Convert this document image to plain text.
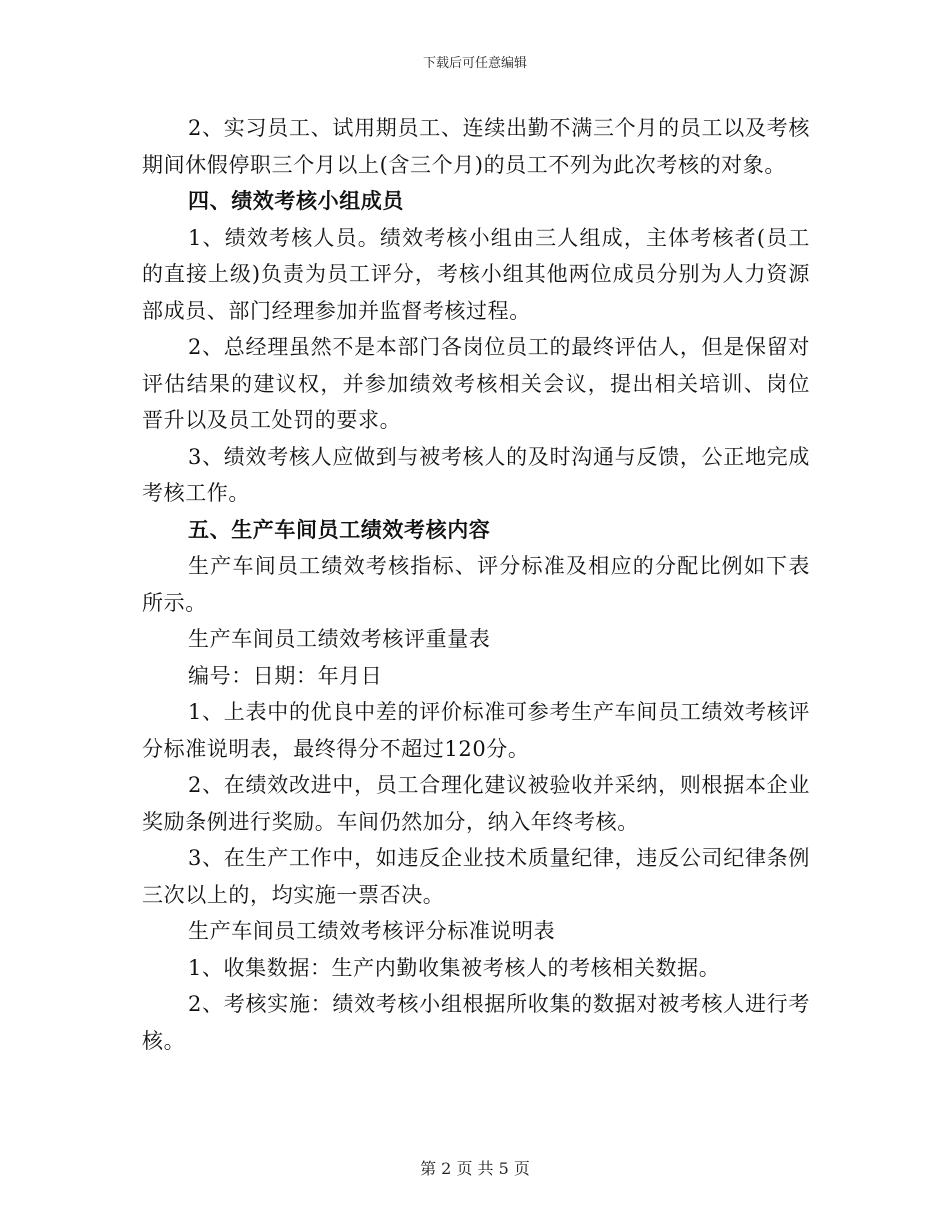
下载后可任意编辑

2、实习员工、试用期员工、连续出勤不满三个月的员工以及考核期间休假停职三个月以上(含三个月)的员工不列为此次考核的对象。

四、绩效考核小组成员

1、绩效考核人员。绩效考核小组由三人组成，主体考核者(员工的直接上级)负责为员工评分，考核小组其他两位成员分别为人力资源部成员、部门经理参加并监督考核过程。

2、总经理虽然不是本部门各岗位员工的最终评估人，但是保留对评估结果的建议权，并参加绩效考核相关会议，提出相关培训、岗位晋升以及员工处罚的要求。

3、绩效考核人应做到与被考核人的及时沟通与反馈，公正地完成考核工作。

五、生产车间员工绩效考核内容

生产车间员工绩效考核指标、评分标准及相应的分配比例如下表所示。

生产车间员工绩效考核评重量表

编号：日期：年月日

1、上表中的优良中差的评价标准可参考生产车间员工绩效考核评分标准说明表，最终得分不超过120分。

2、在绩效改进中，员工合理化建议被验收并采纳，则根据本企业奖励条例进行奖励。车间仍然加分，纳入年终考核。

3、在生产工作中，如违反企业技术质量纪律，违反公司纪律条例三次以上的，均实施一票否决。

生产车间员工绩效考核评分标准说明表

1、收集数据：生产内勤收集被考核人的考核相关数据。

2、考核实施：绩效考核小组根据所收集的数据对被考核人进行考核。

第 2 页 共 5 页
